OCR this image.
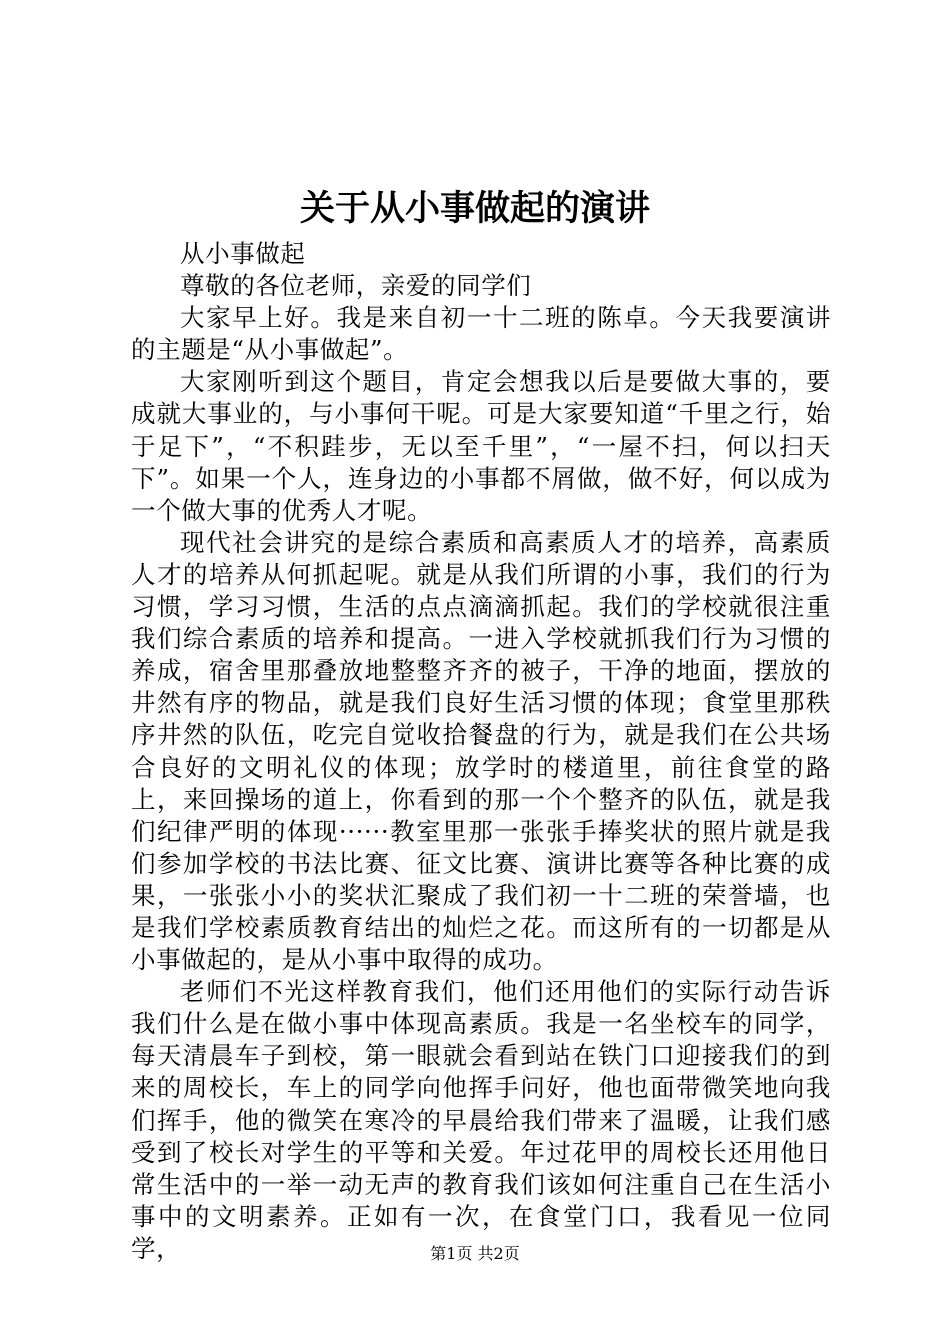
关于从小事做起的演讲

从小事做起

尊敬的各位老师，亲爱的同学们

大家早上好。我是来自初一十二班的陈卓。今天我要演讲的主题是“从小事做起”。

大家刚听到这个题目，肯定会想我以后是要做大事的，要成就大事业的，与小事何干呢。可是大家要知道“千里之行，始于足下”，“不积跬步，无以至千里”，“一屋不扫，何以扫天下”。如果一个人，连身边的小事都不屑做，做不好，何以成为一个做大事的优秀人才呢。

现代社会讲究的是综合素质和高素质人才的培养，高素质人才的培养从何抓起呢。就是从我们所谓的小事，我们的行为习惯，学习习惯，生活的点点滴滴抓起。我们的学校就很注重我们综合素质的培养和提高。一进入学校就抓我们行为习惯的养成，宿舍里那叠放地整整齐齐的被子，干净的地面，摆放的井然有序的物品，就是我们良好生活习惯的体现；食堂里那秩序井然的队伍，吃完自觉收拾餐盘的行为，就是我们在公共场合良好的文明礼仪的体现；放学时的楼道里，前往食堂的路上，来回操场的道上，你看到的那一个个整齐的队伍，就是我们纪律严明的体现······教室里那一张张手捧奖状的照片就是我们参加学校的书法比赛、征文比赛、演讲比赛等各种比赛的成果，一张张小小的奖状汇聚成了我们初一十二班的荣誉墙，也是我们学校素质教育结出的灿烂之花。而这所有的一切都是从小事做起的，是从小事中取得的成功。

老师们不光这样教育我们，他们还用他们的实际行动告诉我们什么是在做小事中体现高素质。我是一名坐校车的同学，每天清晨车子到校，第一眼就会看到站在铁门口迎接我们的到来的周校长，车上的同学向他挥手问好，他也面带微笑地向我们挥手，他的微笑在寒冷的早晨给我们带来了温暖，让我们感受到了校长对学生的平等和关爱。年过花甲的周校长还用他日常生活中的一举一动无声的教育我们该如何注重自己在生活小事中的文明素养。正如有一次，在食堂门口，我看见一位同学，	第1页 共2页
